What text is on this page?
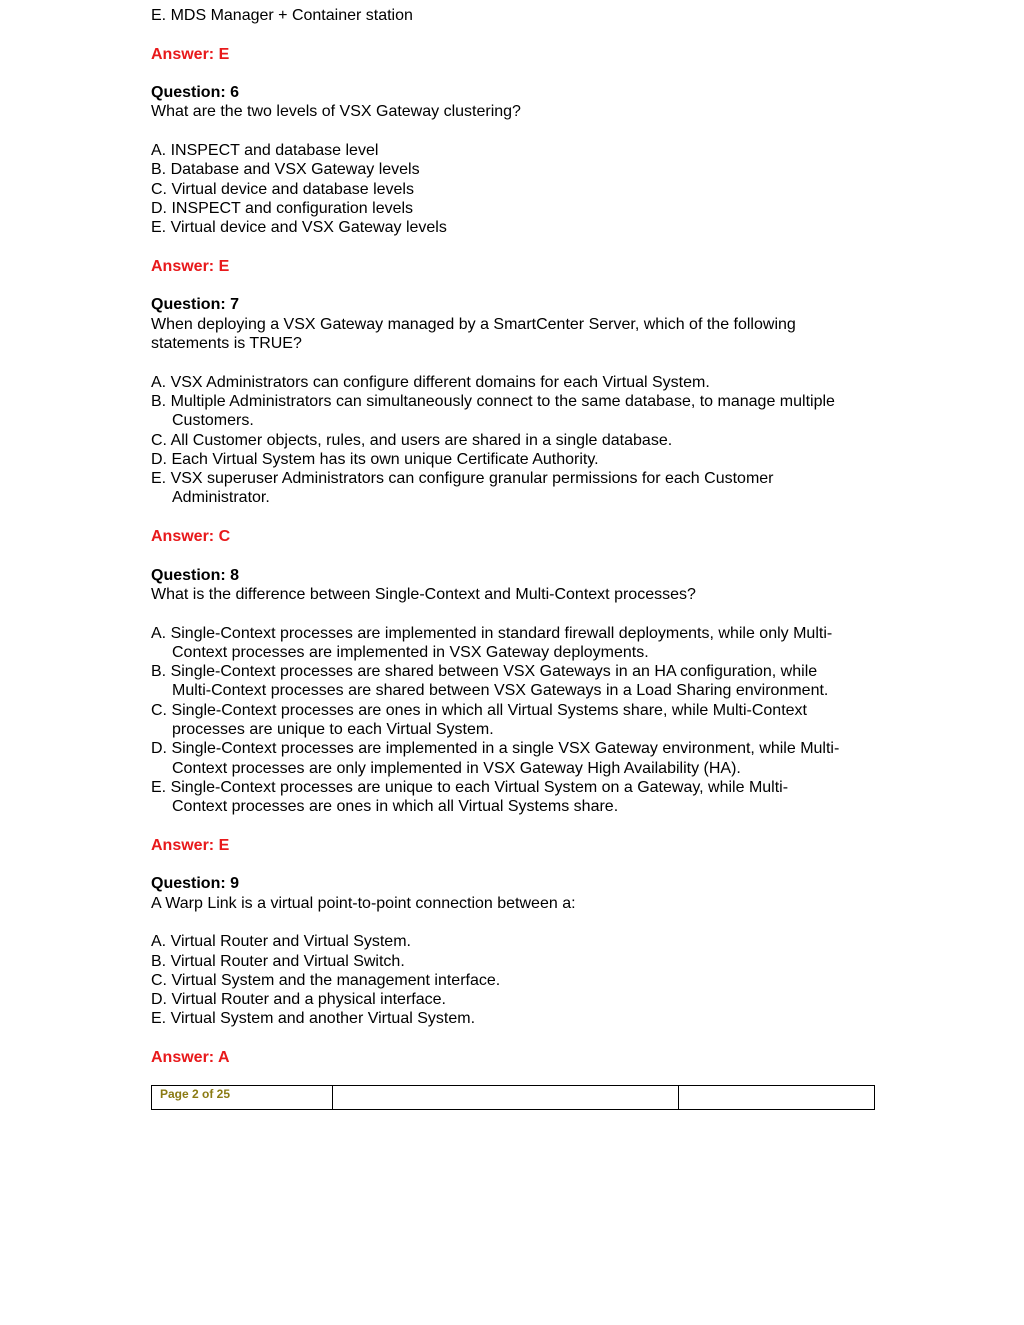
E. MDS Manager + Container station
Answer: E
Question: 6
What are the two levels of VSX Gateway clustering?
A. INSPECT and database level
B. Database and VSX Gateway levels
C. Virtual device and database levels
D. INSPECT and configuration levels
E. Virtual device and VSX Gateway levels
Answer: E
Question: 7
When deploying a VSX Gateway managed by a SmartCenter Server, which of the following
statements is TRUE?
A. VSX Administrators can configure different domains for each Virtual System.
B. Multiple Administrators can simultaneously connect to the same database, to manage multiple
Customers.
C. All Customer objects, rules, and users are shared in a single database.
D. Each Virtual System has its own unique Certificate Authority.
E. VSX superuser Administrators can configure granular permissions for each Customer
Administrator.
Answer: C
Question: 8
What is the difference between Single-Context and Multi-Context processes?
A. Single-Context processes are implemented in standard firewall deployments, while only Multi-
Context processes are implemented in VSX Gateway deployments.
B. Single-Context processes are shared between VSX Gateways in an HA configuration, while
Multi-Context processes are shared between VSX Gateways in a Load Sharing environment.
C. Single-Context processes are ones in which all Virtual Systems share, while Multi-Context
processes are unique to each Virtual System.
D. Single-Context processes are implemented in a single VSX Gateway environment, while Multi-
Context processes are only implemented in VSX Gateway High Availability (HA).
E. Single-Context processes are unique to each Virtual System on a Gateway, while Multi-
Context processes are ones in which all Virtual Systems share.
Answer: E
Question: 9
A Warp Link is a virtual point-to-point connection between a:
A. Virtual Router and Virtual System.
B. Virtual Router and Virtual Switch.
C. Virtual System and the management interface.
D. Virtual Router and a physical interface.
E. Virtual System and another Virtual System.
Answer: A
Page 2 of 25
